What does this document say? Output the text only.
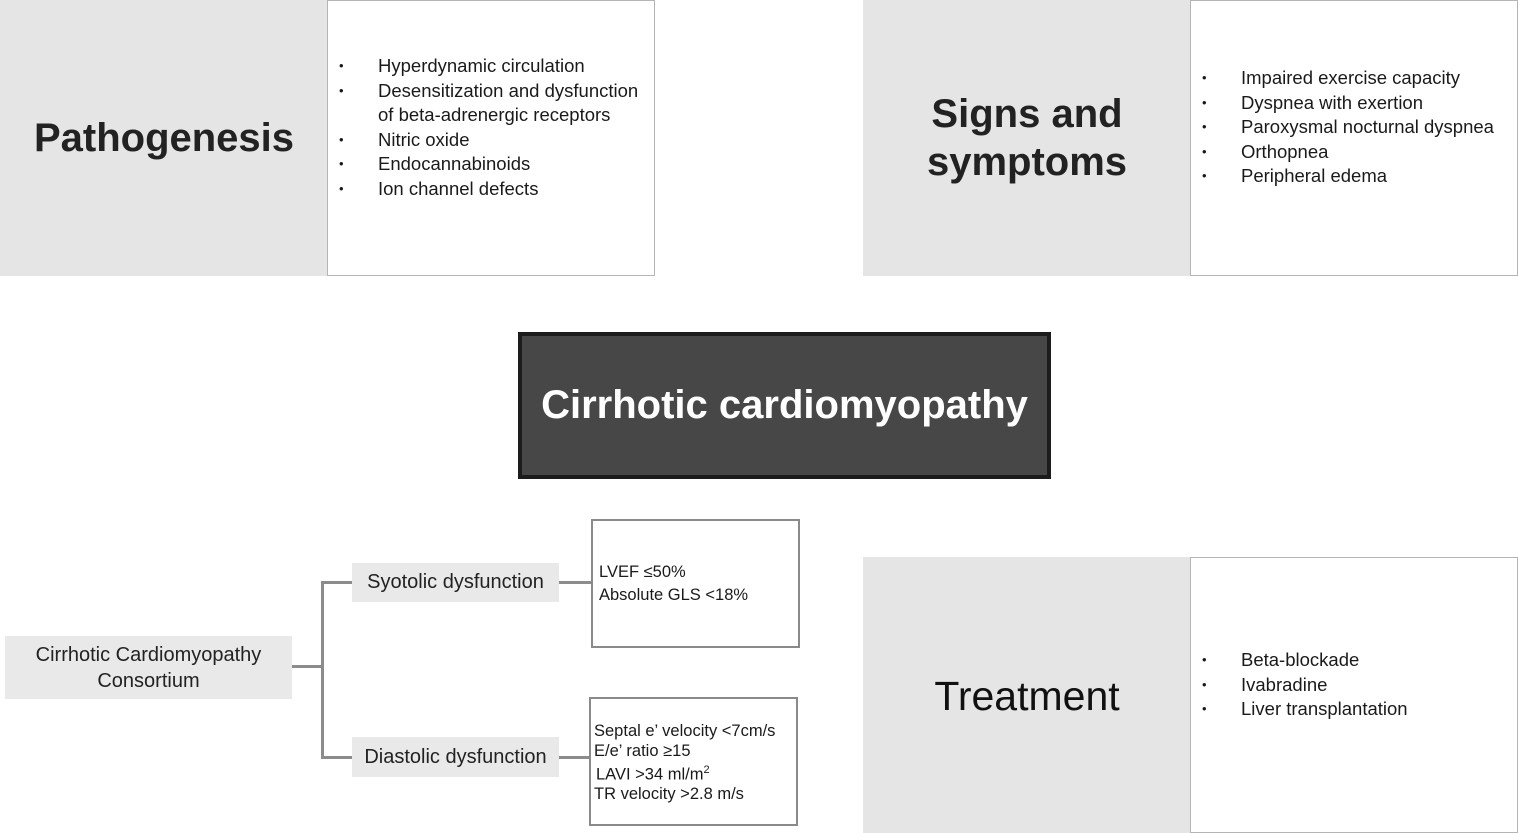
Pathogenesis
• Hyperdynamic circulation
• Desensitization and dysfunction of beta-adrenergic receptors
• Nitric oxide
• Endocannabinoids
• Ion channel defects
Signs and
symptoms
• Impaired exercise capacity
• Dyspnea with exertion
• Paroxysmal nocturnal dyspnea
• Orthopnea
• Peripheral edema
Cirrhotic cardiomyopathy
Cirrhotic Cardiomyopathy
Consortium
Syotolic dysfunction
Diastolic dysfunction
LVEF ≤50%
Absolute GLS <18%
Septal e’ velocity <7cm/s
E/e’ ratio ≥15
LAVI >34 $ml/m^2$
TR velocity >2.8 m/s
Treatment
• Beta-blockade
• Ivabradine
• Liver transplantation
